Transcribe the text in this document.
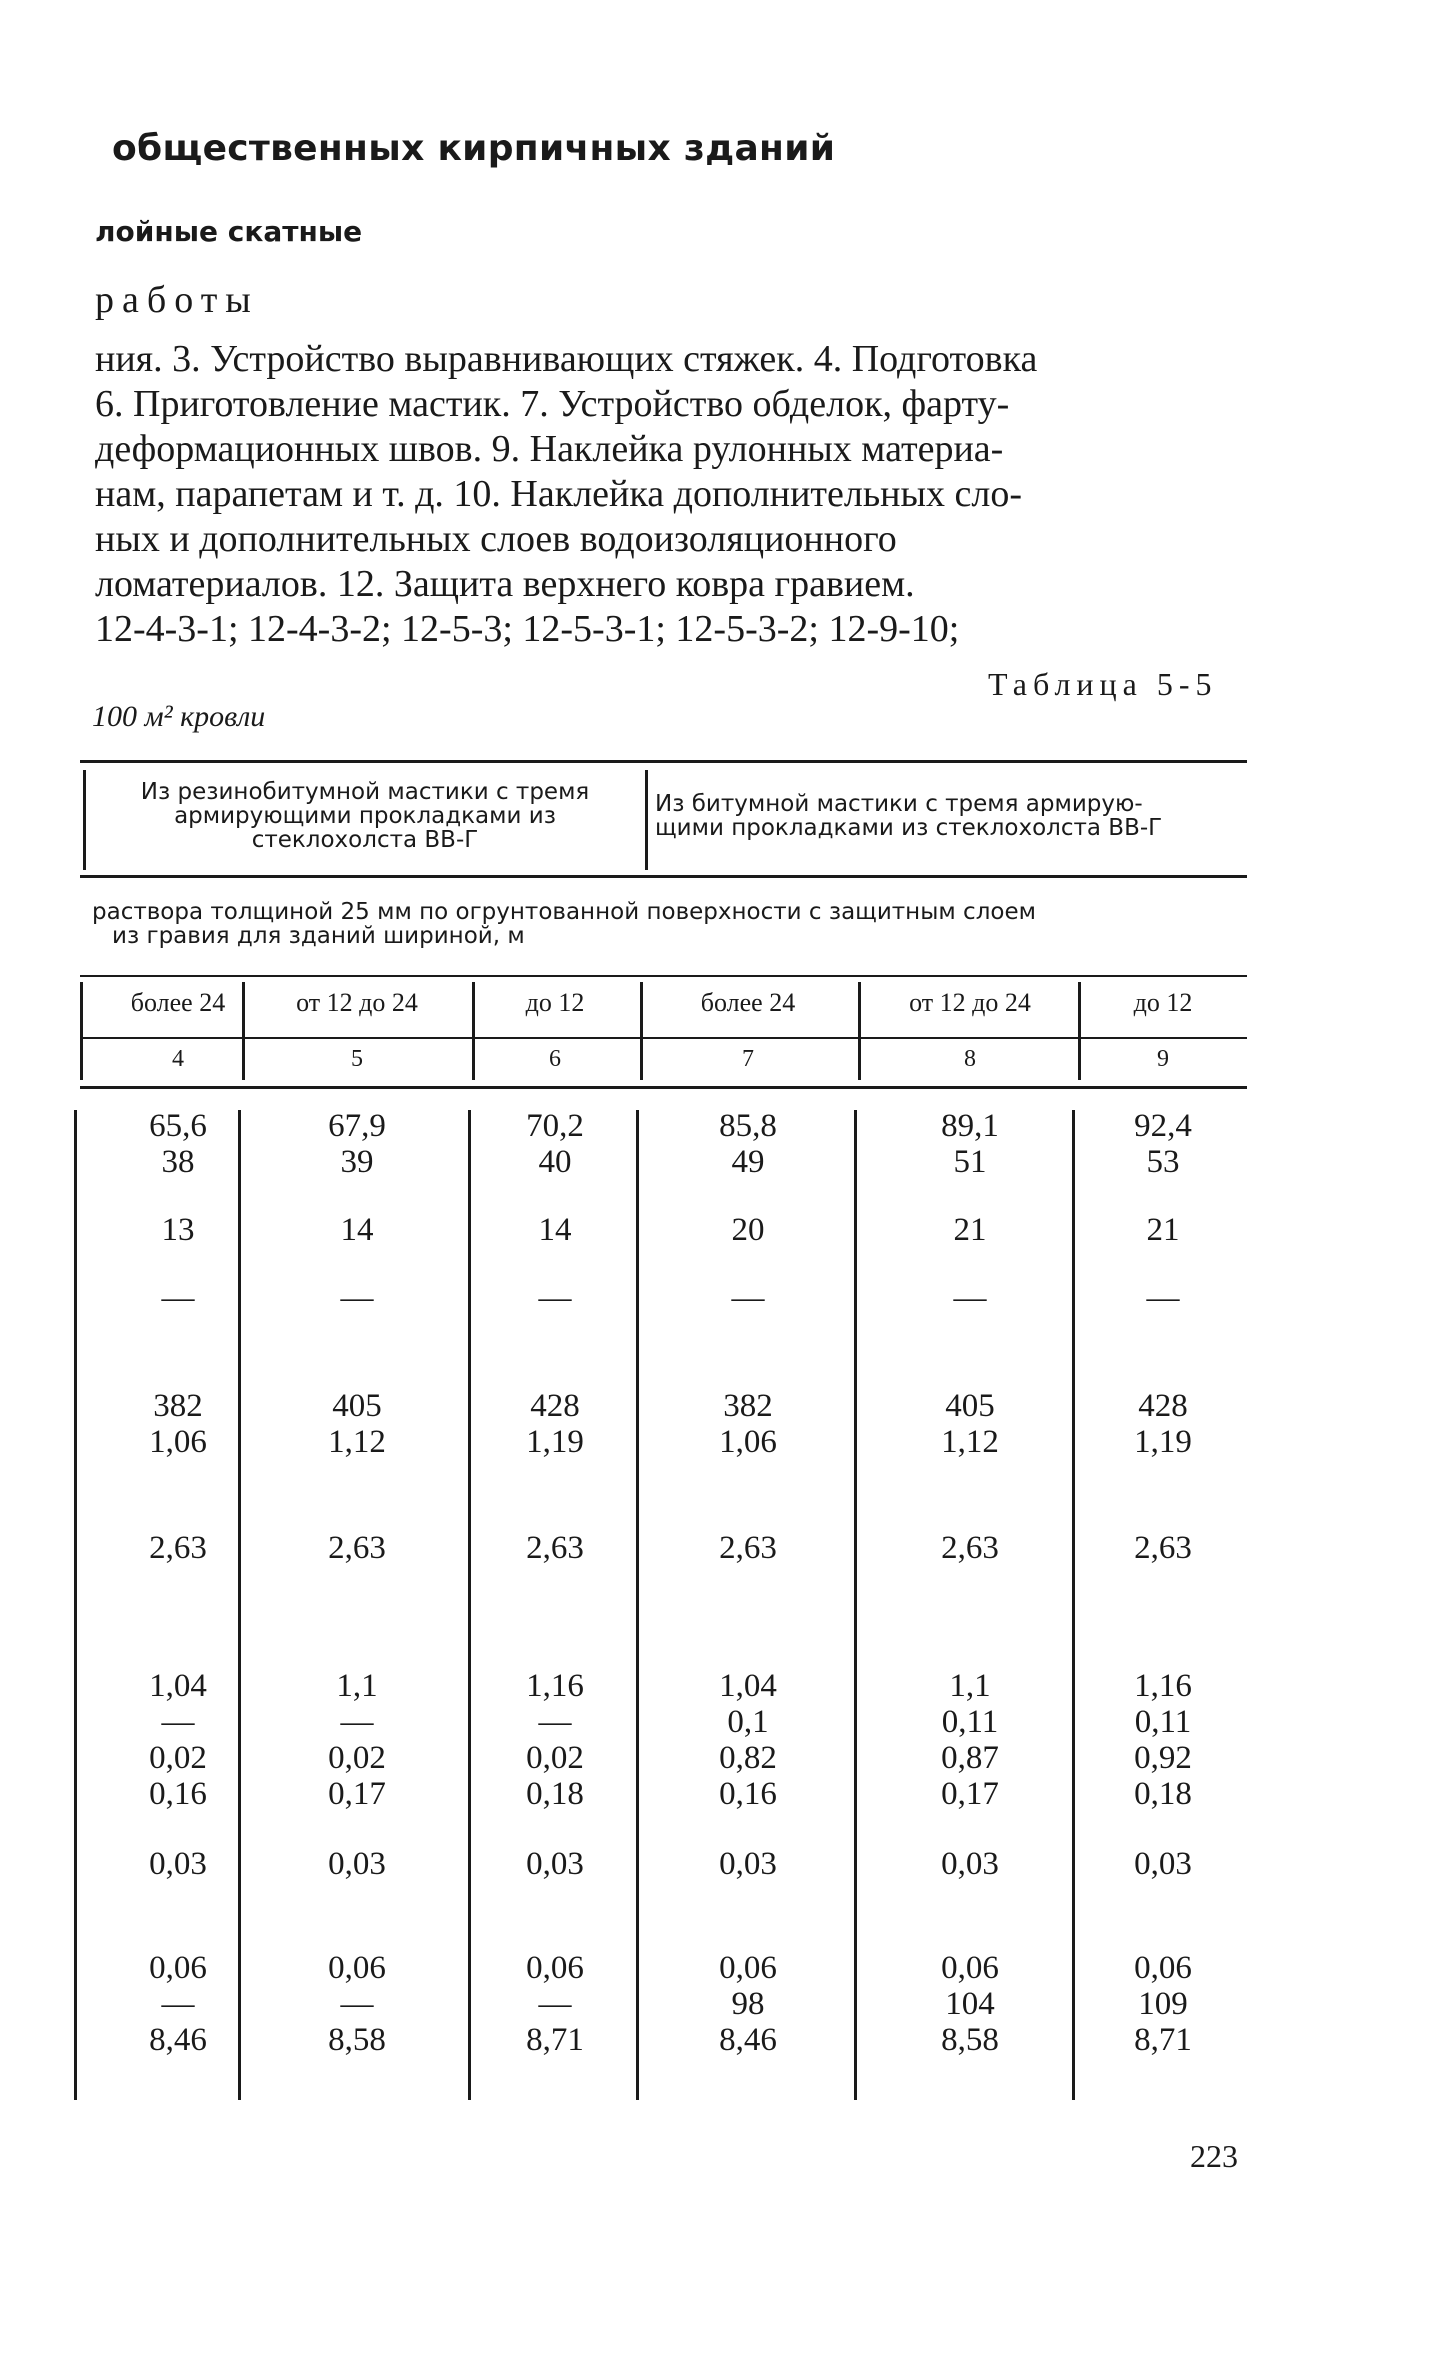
общественных кирпичных зданий
лойные скатные
работы
ния. 3. Устройство выравнивающих стяжек. 4. Подготовка
6. Приготовление мастик. 7. Устройство обделок, фарту-
деформационных швов. 9. Наклейка рулонных материа-
нам, парапетам и т. д. 10. Наклейка дополнительных сло-
ных и дополнительных слоев водоизоляционного
ломатериалов. 12. Защита верхнего ковра гравием.
12-4-3-1; 12-4-3-2; 12-5-3; 12-5-3-1; 12-5-3-2; 12-9-10;
Таблица 5-5
100 м² кровли
Из резинобитумной мастики с тремя
армирующими прокладками из
стеклохолста ВВ-Г
Из битумной мастики с тремя армирую-
щими прокладками из стеклохолста ВВ-Г
раствора толщиной 25 мм по огрунтованной поверхности с защитным слоем
из гравия для зданий шириной, м
более 24	от 12 до 24	до 12	более 24	от 12 до 24	до 12
4	5	6	7	8	9
65,6	67,9	70,2	85,8	89,1	92,4
38	39	40	49	51	53
13	14	14	20	21	21
—	—	—	—	—	—
382	405	428	382	405	428
1,06	1,12	1,19	1,06	1,12	1,19
2,63	2,63	2,63	2,63	2,63	2,63
1,04	1,1	1,16	1,04	1,1	1,16
—	—	—	0,1	0,11	0,11
0,02	0,02	0,02	0,82	0,87	0,92
0,16	0,17	0,18	0,16	0,17	0,18
0,03	0,03	0,03	0,03	0,03	0,03
0,06	0,06	0,06	0,06	0,06	0,06
—	—	—	98	104	109
8,46	8,58	8,71	8,46	8,58	8,71
223
